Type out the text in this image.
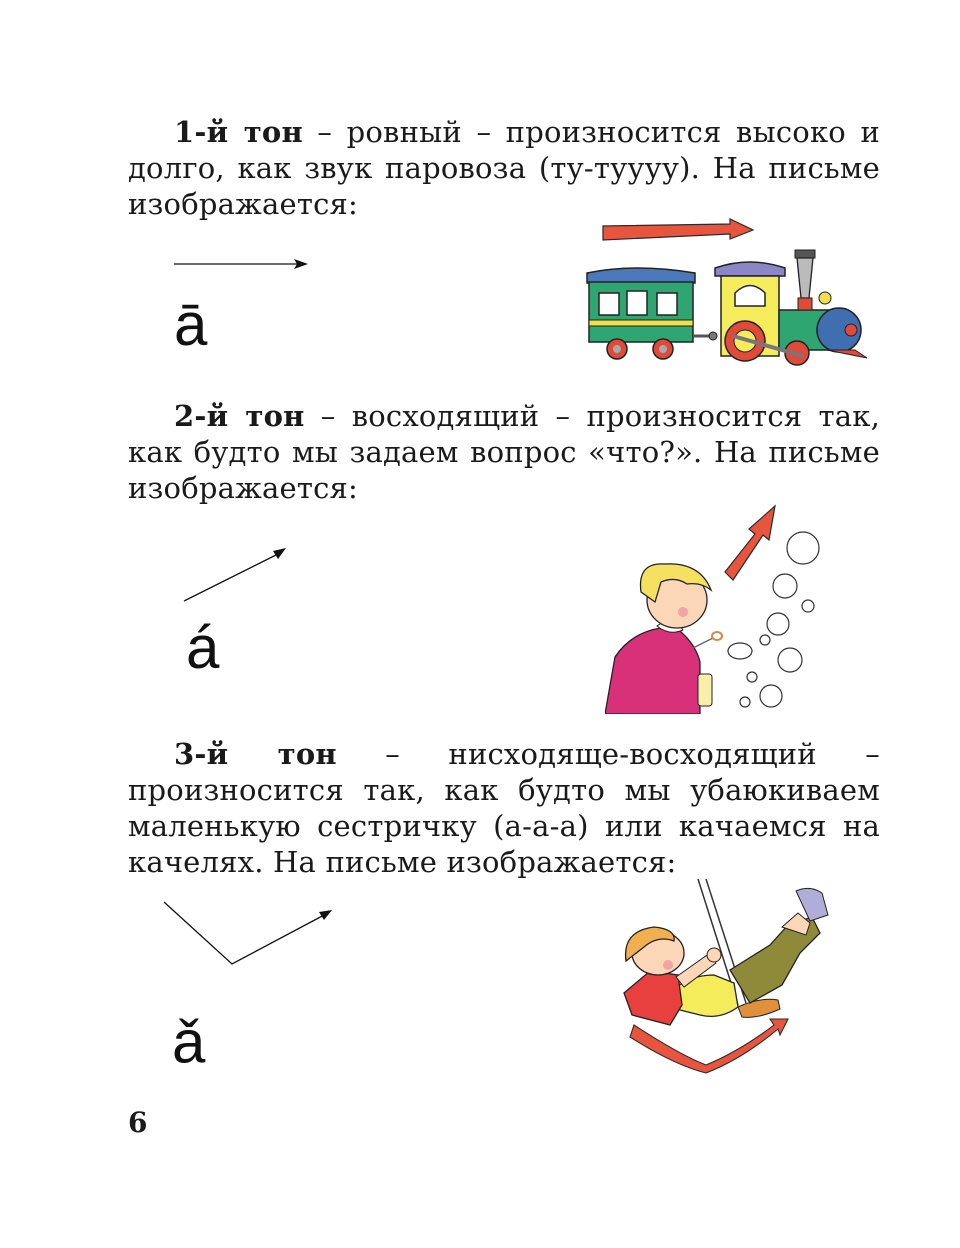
1-й тон – ровный – произносится высоко и долго, как звук паровоза (ту-туууу). На письме изображается:
ā
2-й тон – восходящий – произносится так, как будто мы задаем вопрос «что?». На письме изображается:
á
3-й тон – нисходяще-восходящий – произносится так, как будто мы убаюкиваем маленькую сестричку (а-а-а) или качаемся на качелях. На письме изображается:
ǎ
6
